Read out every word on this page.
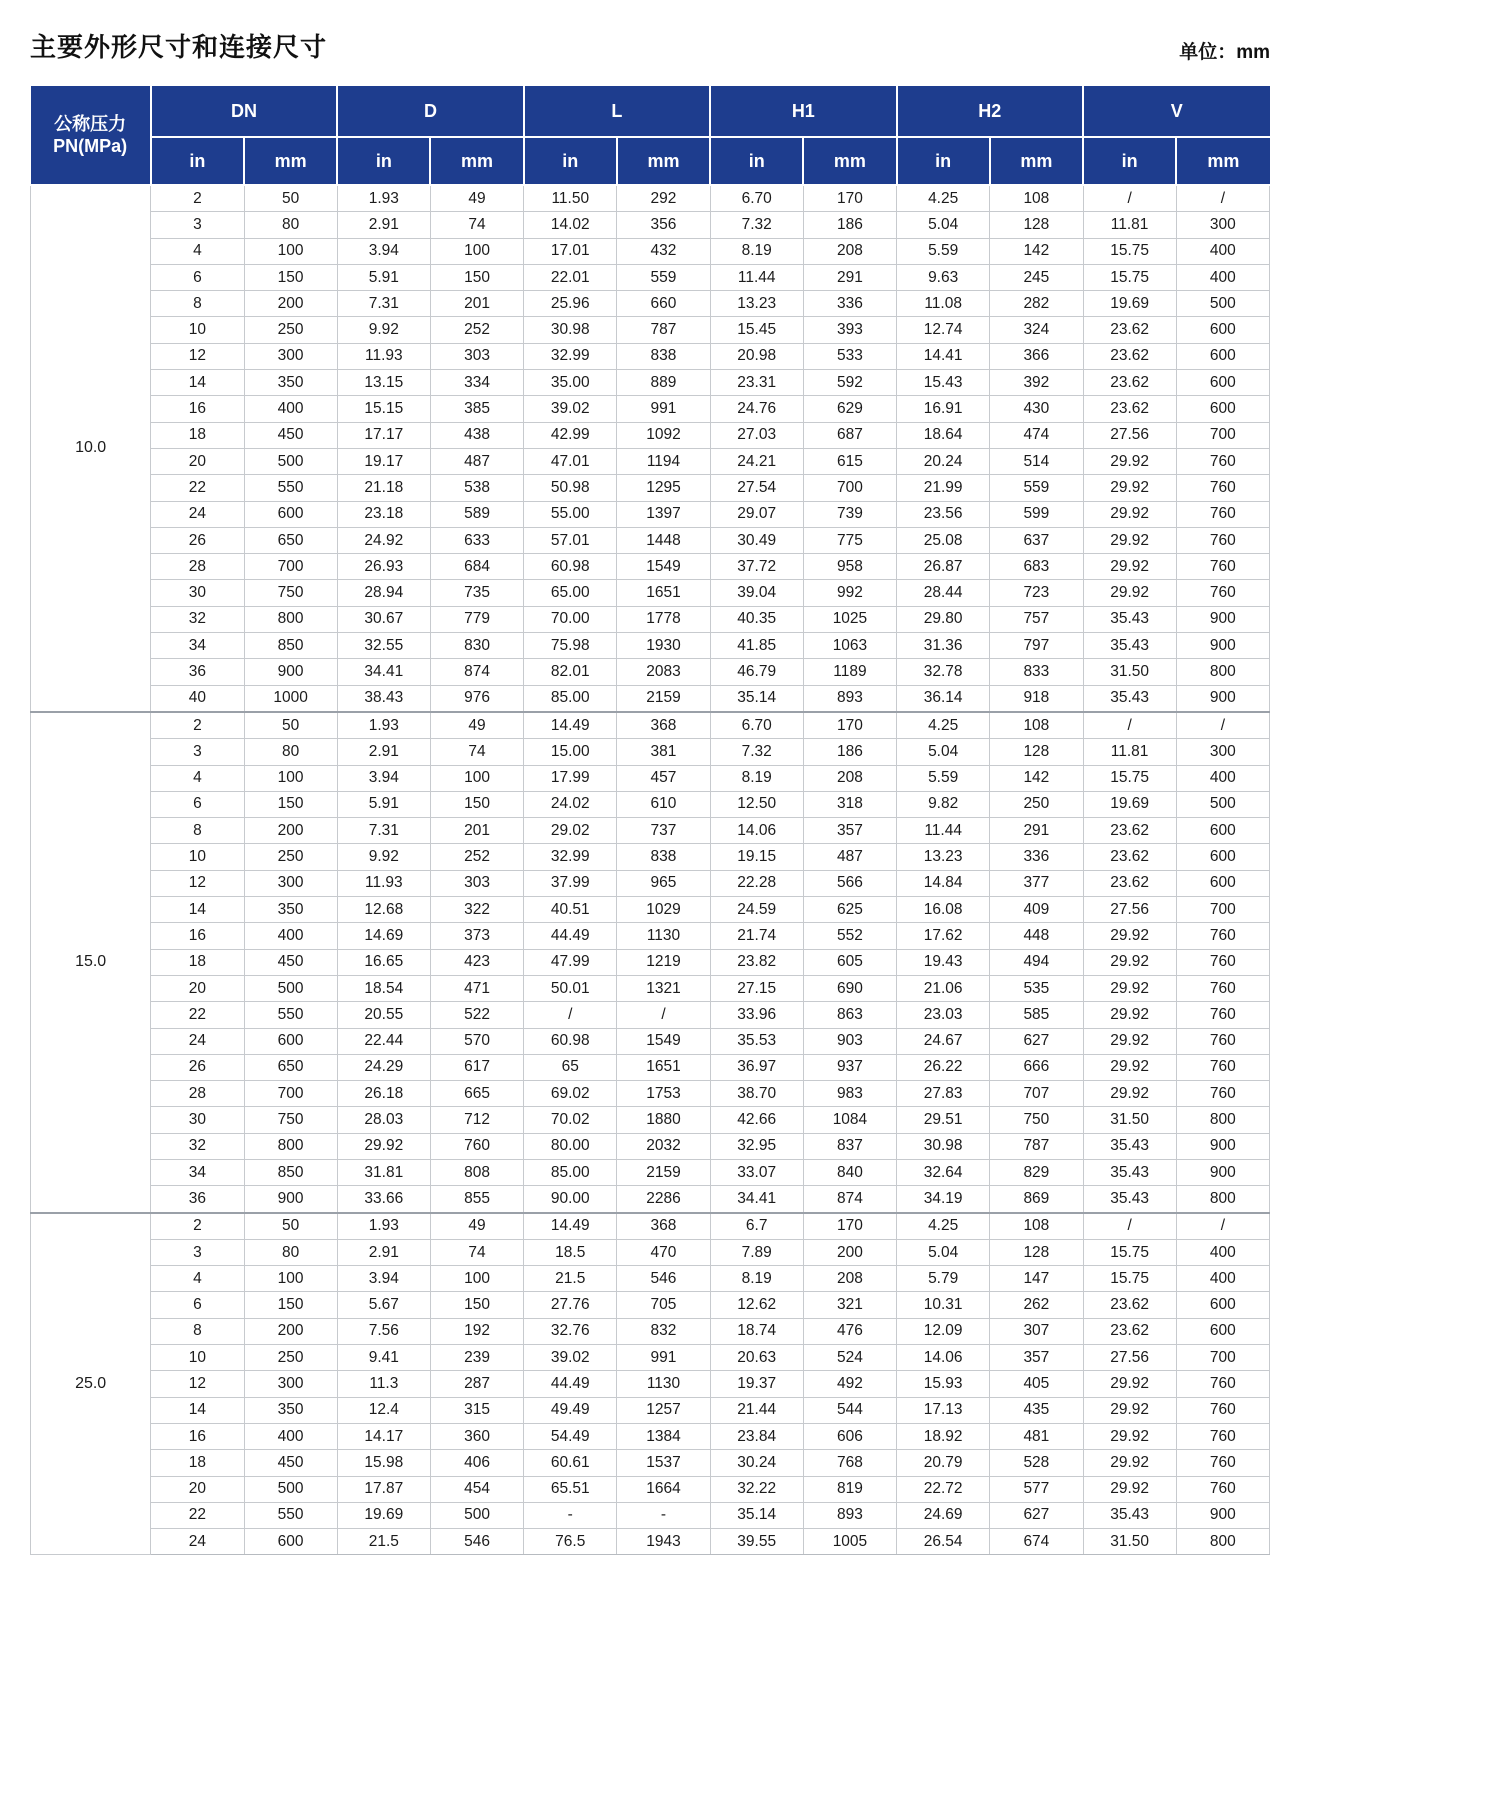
主要外形尺寸和连接尺寸	单位：mm
公称压力
PN(MPa)	DN		D		L		H1		H2		V	
	in	mm	in	mm	in	mm	in	mm	in	mm	in	mm
10.0	2	50	1.93	49	11.50	292	6.70	170	4.25	108	/	/
	3	80	2.91	74	14.02	356	7.32	186	5.04	128	11.81	300
	4	100	3.94	100	17.01	432	8.19	208	5.59	142	15.75	400
	6	150	5.91	150	22.01	559	11.44	291	9.63	245	15.75	400
	8	200	7.31	201	25.96	660	13.23	336	11.08	282	19.69	500
	10	250	9.92	252	30.98	787	15.45	393	12.74	324	23.62	600
	12	300	11.93	303	32.99	838	20.98	533	14.41	366	23.62	600
	14	350	13.15	334	35.00	889	23.31	592	15.43	392	23.62	600
	16	400	15.15	385	39.02	991	24.76	629	16.91	430	23.62	600
	18	450	17.17	438	42.99	1092	27.03	687	18.64	474	27.56	700
	20	500	19.17	487	47.01	1194	24.21	615	20.24	514	29.92	760
	22	550	21.18	538	50.98	1295	27.54	700	21.99	559	29.92	760
	24	600	23.18	589	55.00	1397	29.07	739	23.56	599	29.92	760
	26	650	24.92	633	57.01	1448	30.49	775	25.08	637	29.92	760
	28	700	26.93	684	60.98	1549	37.72	958	26.87	683	29.92	760
	30	750	28.94	735	65.00	1651	39.04	992	28.44	723	29.92	760
	32	800	30.67	779	70.00	1778	40.35	1025	29.80	757	35.43	900
	34	850	32.55	830	75.98	1930	41.85	1063	31.36	797	35.43	900
	36	900	34.41	874	82.01	2083	46.79	1189	32.78	833	31.50	800
	40	1000	38.43	976	85.00	2159	35.14	893	36.14	918	35.43	900
15.0	2	50	1.93	49	14.49	368	6.70	170	4.25	108	/	/
	3	80	2.91	74	15.00	381	7.32	186	5.04	128	11.81	300
	4	100	3.94	100	17.99	457	8.19	208	5.59	142	15.75	400
	6	150	5.91	150	24.02	610	12.50	318	9.82	250	19.69	500
	8	200	7.31	201	29.02	737	14.06	357	11.44	291	23.62	600
	10	250	9.92	252	32.99	838	19.15	487	13.23	336	23.62	600
	12	300	11.93	303	37.99	965	22.28	566	14.84	377	23.62	600
	14	350	12.68	322	40.51	1029	24.59	625	16.08	409	27.56	700
	16	400	14.69	373	44.49	1130	21.74	552	17.62	448	29.92	760
	18	450	16.65	423	47.99	1219	23.82	605	19.43	494	29.92	760
	20	500	18.54	471	50.01	1321	27.15	690	21.06	535	29.92	760
	22	550	20.55	522	/	/	33.96	863	23.03	585	29.92	760
	24	600	22.44	570	60.98	1549	35.53	903	24.67	627	29.92	760
	26	650	24.29	617	65	1651	36.97	937	26.22	666	29.92	760
	28	700	26.18	665	69.02	1753	38.70	983	27.83	707	29.92	760
	30	750	28.03	712	70.02	1880	42.66	1084	29.51	750	31.50	800
	32	800	29.92	760	80.00	2032	32.95	837	30.98	787	35.43	900
	34	850	31.81	808	85.00	2159	33.07	840	32.64	829	35.43	900
	36	900	33.66	855	90.00	2286	34.41	874	34.19	869	35.43	800
25.0	2	50	1.93	49	14.49	368	6.7	170	4.25	108	/	/
	3	80	2.91	74	18.5	470	7.89	200	5.04	128	15.75	400
	4	100	3.94	100	21.5	546	8.19	208	5.79	147	15.75	400
	6	150	5.67	150	27.76	705	12.62	321	10.31	262	23.62	600
	8	200	7.56	192	32.76	832	18.74	476	12.09	307	23.62	600
	10	250	9.41	239	39.02	991	20.63	524	14.06	357	27.56	700
	12	300	11.3	287	44.49	1130	19.37	492	15.93	405	29.92	760
	14	350	12.4	315	49.49	1257	21.44	544	17.13	435	29.92	760
	16	400	14.17	360	54.49	1384	23.84	606	18.92	481	29.92	760
	18	450	15.98	406	60.61	1537	30.24	768	20.79	528	29.92	760
	20	500	17.87	454	65.51	1664	32.22	819	22.72	577	29.92	760
	22	550	19.69	500	-	-	35.14	893	24.69	627	35.43	900
	24	600	21.5	546	76.5	1943	39.55	1005	26.54	674	31.50	800
